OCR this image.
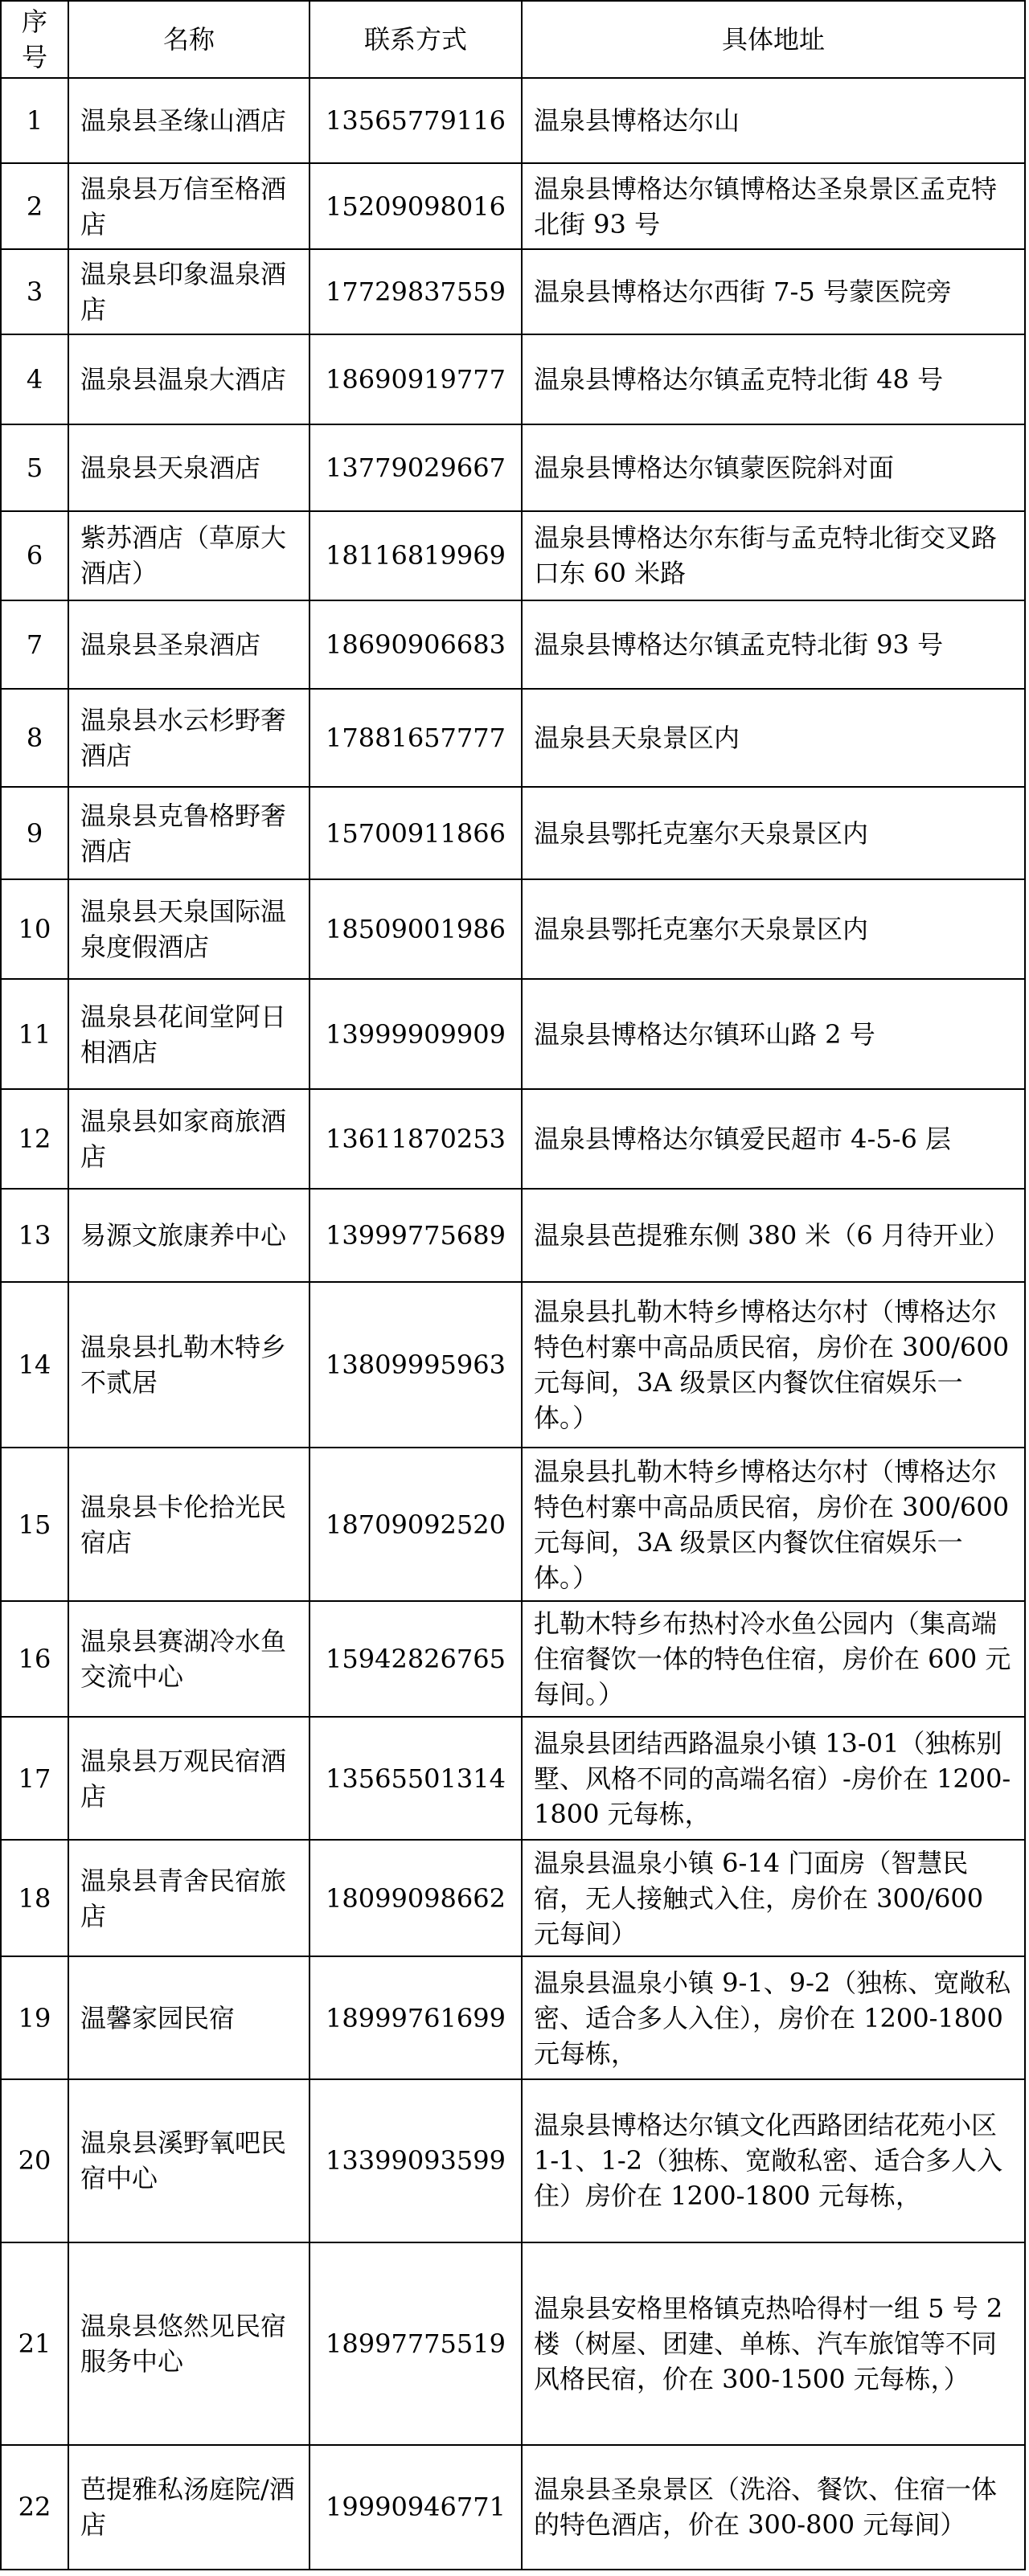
序号	名称	联系方式	具体地址
1	温泉县圣缘山酒店	13565779116	温泉县博格达尔山
2	温泉县万信至格酒店	15209098016	温泉县博格达尔镇博格达圣泉景区孟克特北街 93 号
3	温泉县印象温泉酒店	17729837559	温泉县博格达尔西街 7-5 号蒙医院旁
4	温泉县温泉大酒店	18690919777	温泉县博格达尔镇孟克特北街 48 号
5	温泉县天泉酒店	13779029667	温泉县博格达尔镇蒙医院斜对面
6	紫苏酒店（草原大酒店）	18116819969	温泉县博格达尔东街与孟克特北街交叉路口东 60 米路
7	温泉县圣泉酒店	18690906683	温泉县博格达尔镇孟克特北街 93 号
8	温泉县水云杉野奢酒店	17881657777	温泉县天泉景区内
9	温泉县克鲁格野奢酒店	15700911866	温泉县鄂托克塞尔天泉景区内
10	温泉县天泉国际温泉度假酒店	18509001986	温泉县鄂托克塞尔天泉景区内
11	温泉县花间堂阿日相酒店	13999909909	温泉县博格达尔镇环山路 2 号
12	温泉县如家商旅酒店	13611870253	温泉县博格达尔镇爱民超市 4-5-6 层
13	易源文旅康养中心	13999775689	温泉县芭提雅东侧 380 米（6 月待开业）
14	温泉县扎勒木特乡不贰居	13809995963	温泉县扎勒木特乡博格达尔村（博格达尔特色村寨中高品质民宿，房价在 300/600 元每间，3A 级景区内餐饮住宿娱乐一体。）
15	温泉县卡伦拾光民宿店	18709092520	温泉县扎勒木特乡博格达尔村（博格达尔特色村寨中高品质民宿，房价在 300/600 元每间，3A 级景区内餐饮住宿娱乐一体。）
16	温泉县赛湖冷水鱼交流中心	15942826765	扎勒木特乡布热村冷水鱼公园内（集高端住宿餐饮一体的特色住宿，房价在 600 元每间。）
17	温泉县万观民宿酒店	13565501314	温泉县团结西路温泉小镇 13-01（独栋别墅、风格不同的高端名宿）-房价在 1200-1800 元每栋，
18	温泉县青舍民宿旅店	18099098662	温泉县温泉小镇 6-14 门面房（智慧民宿，无人接触式入住，房价在 300/600 元每间）
19	温馨家园民宿	18999761699	温泉县温泉小镇 9-1、9-2（独栋、宽敞私密、适合多人入住），房价在 1200-1800 元每栋，
20	温泉县溪野氧吧民宿中心	13399093599	温泉县博格达尔镇文化西路团结花苑小区 1-1、1-2（独栋、宽敞私密、适合多人入住）房价在 1200-1800 元每栋，
21	温泉县悠然见民宿服务中心	18997775519	温泉县安格里格镇克热哈得村一组 5 号 2 楼（树屋、团建、单栋、汽车旅馆等不同风格民宿，价在 300-1500 元每栋，）
22	芭提雅私汤庭院/酒店	19990946771	温泉县圣泉景区（洗浴、餐饮、住宿一体的特色酒店，价在 300-800 元每间）
